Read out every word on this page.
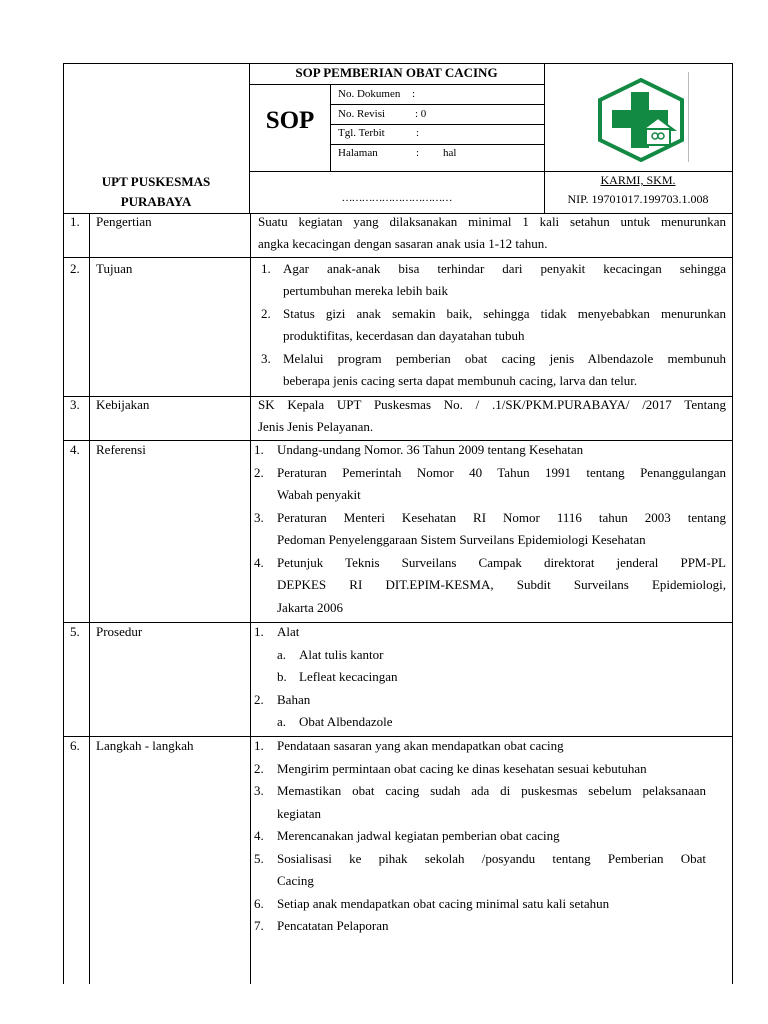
SOP PEMBERIAN OBAT CACING
SOP
No. Dokumen :
No. Revisi	: 0
Tgl. Terbit	:
Halaman	: hal
UPT PUSKESMAS
PURABAYA	……………………………
KARMI, SKM.
NIP. 19701017.199703.1.008
1. Pengertian	Suatu kegiatan yang dilaksanakan minimal 1 kali setahun untuk menurunkan
angka kecacingan dengan sasaran anak usia 1-12 tahun.
2. Tujuan	1. Agar anak-anak bisa terhindar dari penyakit kecacingan sehingga
pertumbuhan mereka lebih baik
2. Status gizi anak semakin baik, sehingga tidak menyebabkan menurunkan
produktifitas, kecerdasan dan dayatahan tubuh
3. Melalui program pemberian obat cacing jenis Albendazole membunuh
beberapa jenis cacing serta dapat membunuh cacing, larva dan telur.
3. Kebijakan	SK Kepala UPT Puskesmas No. / .1/SK/PKM.PURABAYA/ /2017 Tentang
Jenis Jenis Pelayanan.
4. Referensi	1. Undang-undang Nomor. 36 Tahun 2009 tentang Kesehatan
2. Peraturan Pemerintah Nomor 40 Tahun 1991 tentang Penanggulangan
Wabah penyakit
3. Peraturan Menteri Kesehatan RI Nomor 1116 tahun 2003 tentang
Pedoman Penyelenggaraan Sistem Surveilans Epidemiologi Kesehatan
4. Petunjuk Teknis Surveilans Campak direktorat jenderal PPM-PL
DEPKES RI DIT.EPIM-KESMA, Subdit Surveilans Epidemiologi,
Jakarta 2006
5. Prosedur	1. Alat
a. Alat tulis kantor
b. Lefleat kecacingan
2. Bahan
a. Obat Albendazole
6. Langkah - langkah	1. Pendataan sasaran yang akan mendapatkan obat cacing
2. Mengirim permintaan obat cacing ke dinas kesehatan sesuai kebutuhan
3. Memastikan obat cacing sudah ada di puskesmas sebelum pelaksanaan
kegiatan
4. Merencanakan jadwal kegiatan pemberian obat cacing
5. Sosialisasi ke pihak sekolah /posyandu tentang Pemberian Obat
Cacing
6. Setiap anak mendapatkan obat cacing minimal satu kali setahun
7. Pencatatan Pelaporan
